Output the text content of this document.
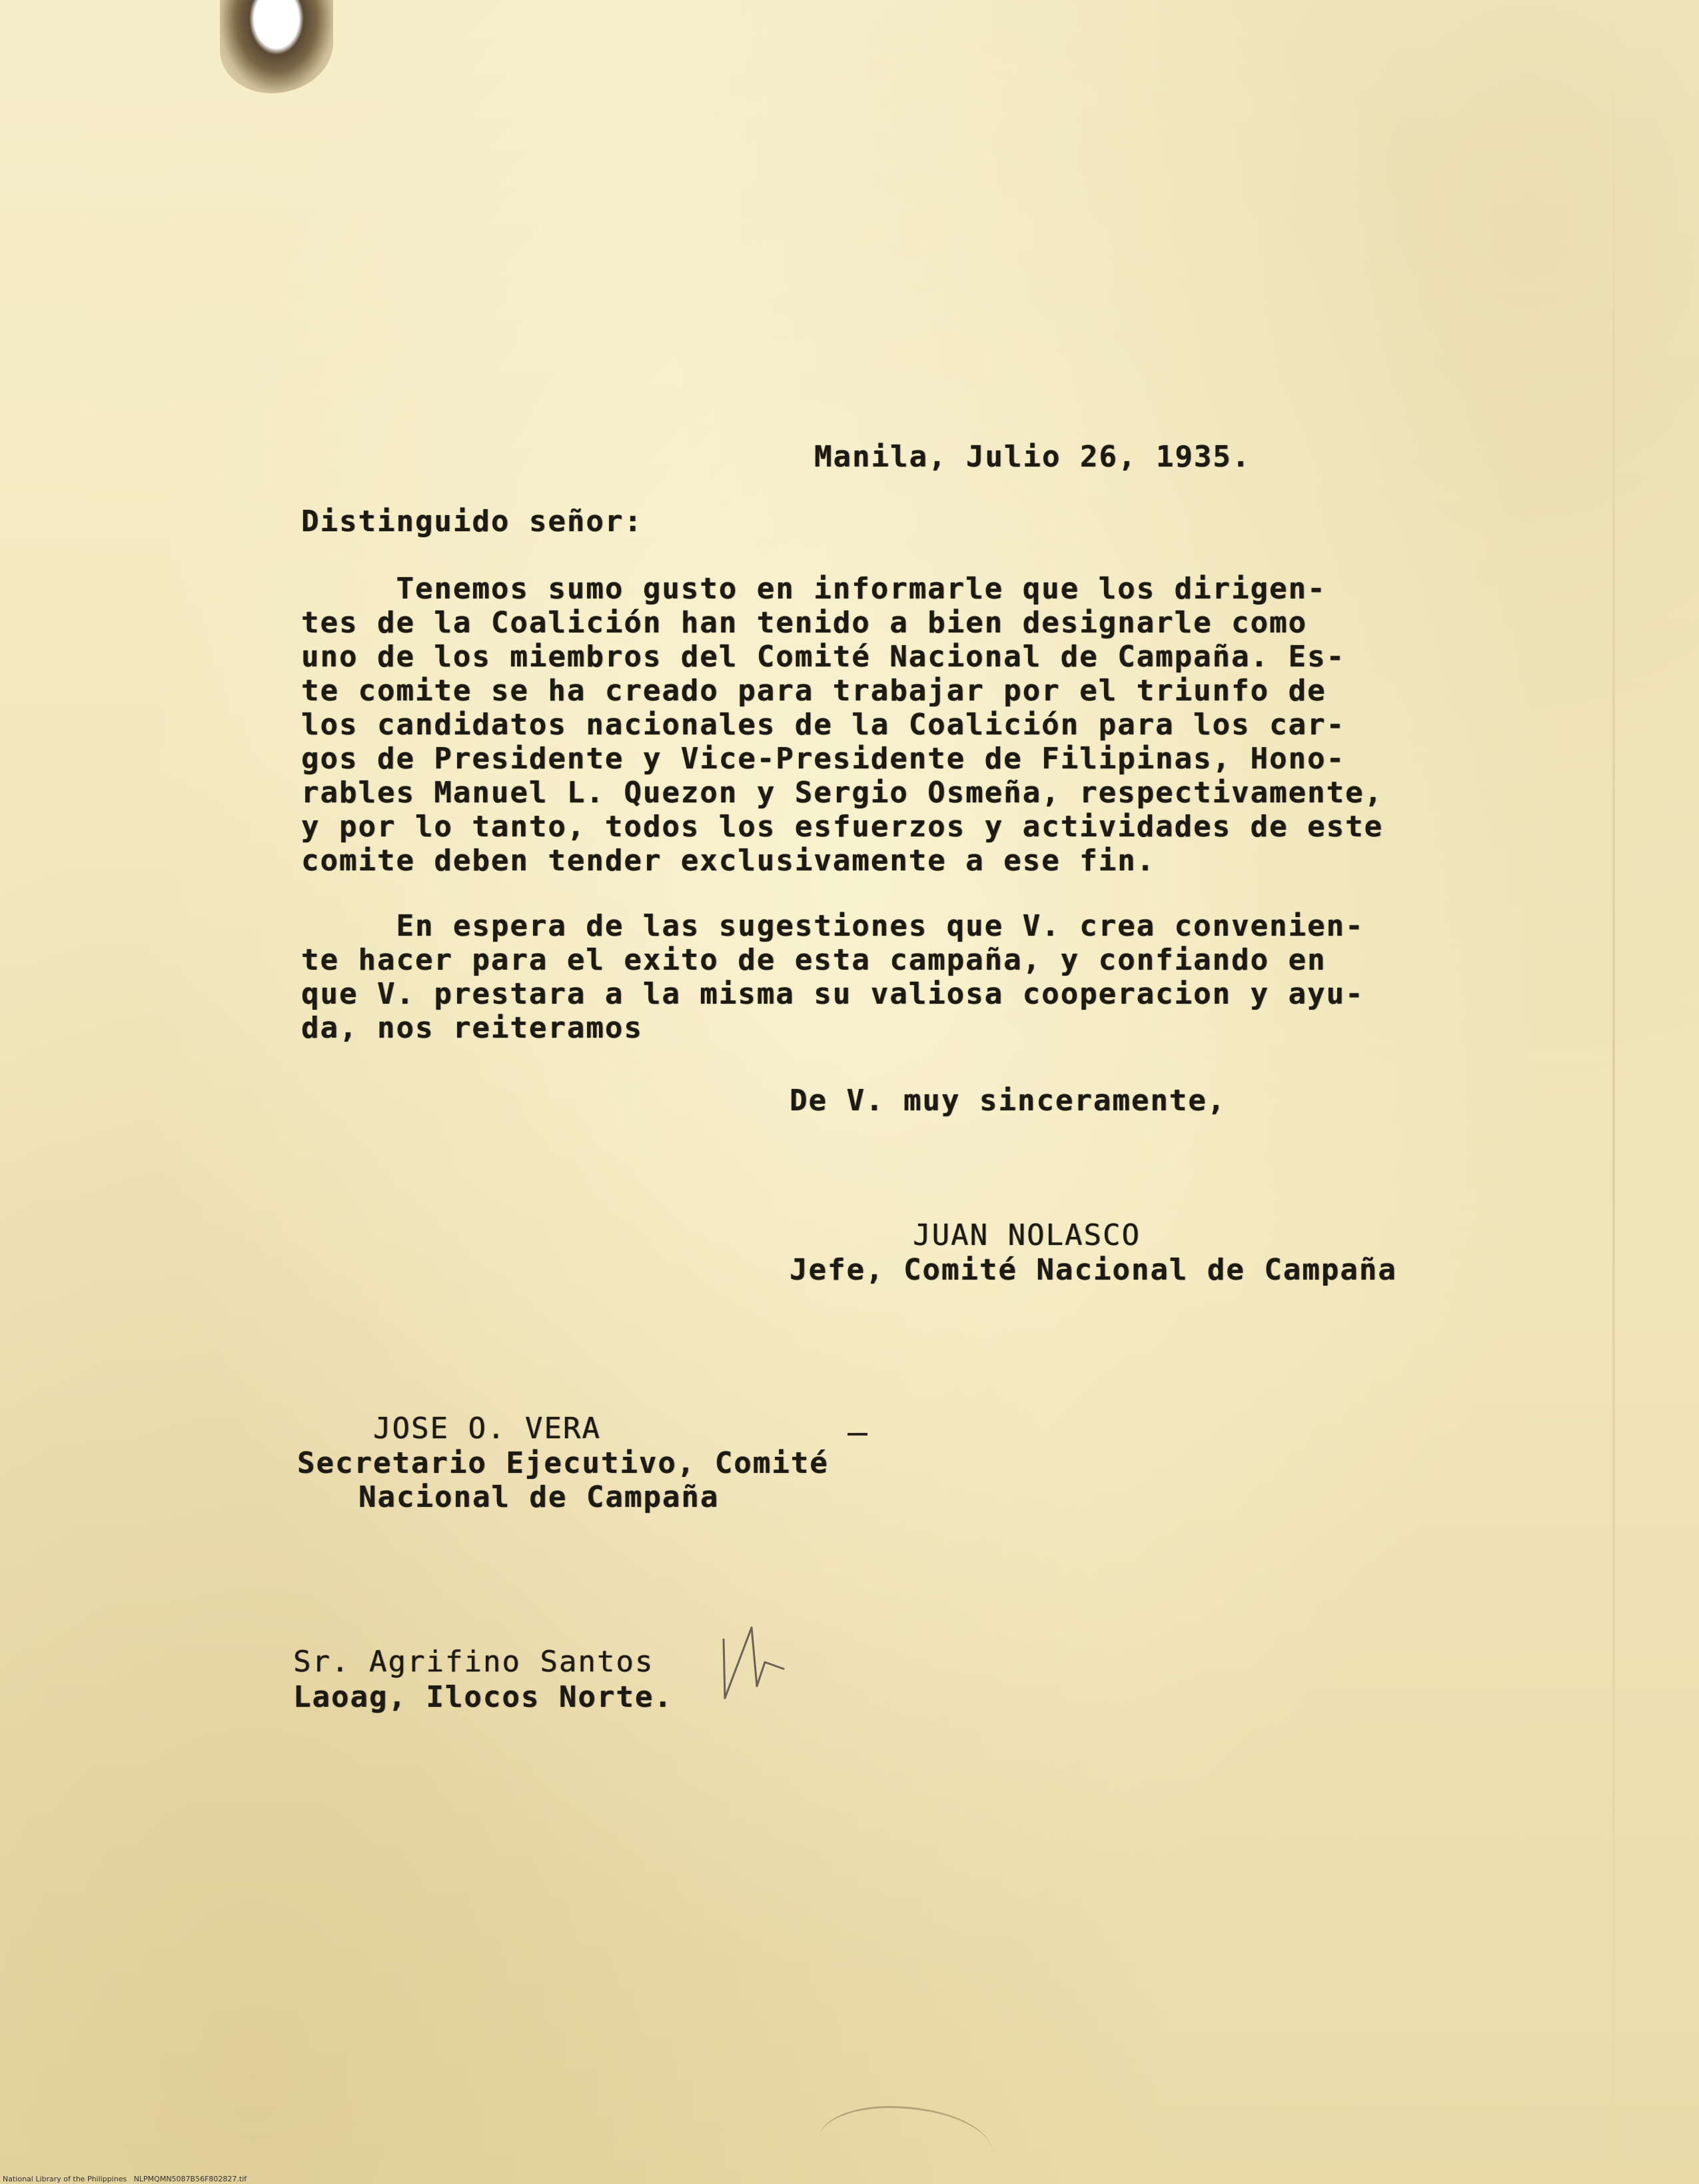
Manila, Julio 26, 1935.
Distinguido señor:
Tenemos sumo gusto en informarle que los dirigen-
tes de la Coalición han tenido a bien designarle como
uno de los miembros del Comité Nacional de Campaña. Es-
te comite se ha creado para trabajar por el triunfo de
los candidatos nacionales de la Coalición para los car-
gos de Presidente y Vice-Presidente de Filipinas, Hono-
rables Manuel L. Quezon y Sergio Osmeña, respectivamente,
y por lo tanto, todos los esfuerzos y actividades de este
comite deben tender exclusivamente a ese fin.
En espera de las sugestiones que V. crea convenien-
te hacer para el exito de esta campaña, y confiando en
que V. prestara a la misma su valiosa cooperacion y ayu-
da, nos reiteramos
De V. muy sinceramente,
JUAN NOLASCO
Jefe, Comité Nacional de Campaña
JOSE O. VERA
Secretario Ejecutivo, Comité
Nacional de Campaña
Sr. Agrifino Santos
Laoag, Ilocos Norte.
National Library of the Philippines   NLPMQMN5087B56F802827.tif
